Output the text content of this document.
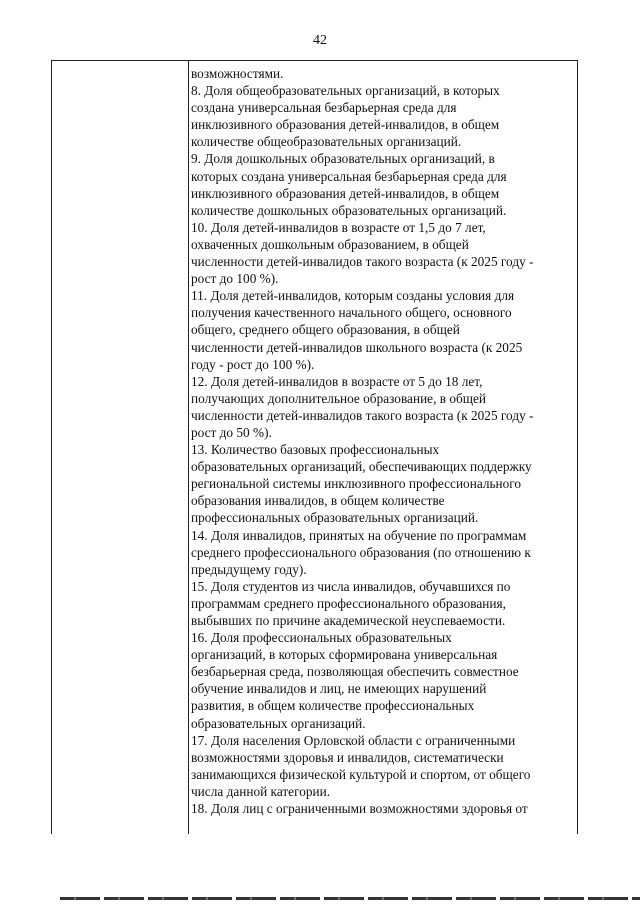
42
возможностями.
8. Доля общеобразовательных организаций, в которых
создана универсальная безбарьерная среда для
инклюзивного образования детей-инвалидов, в общем
количестве общеобразовательных организаций.
9. Доля дошкольных образовательных организаций, в
которых создана универсальная безбарьерная среда для
инклюзивного образования детей-инвалидов, в общем
количестве дошкольных образовательных организаций.
10. Доля детей-инвалидов в возрасте от 1,5 до 7 лет,
охваченных дошкольным образованием, в общей
численности детей-инвалидов такого возраста (к 2025 году -
рост до 100 %).
11. Доля детей-инвалидов, которым созданы условия для
получения качественного начального общего, основного
общего, среднего общего образования, в общей
численности детей-инвалидов школьного возраста (к 2025
году - рост до 100 %).
12. Доля детей-инвалидов в возрасте от 5 до 18 лет,
получающих дополнительное образование, в общей
численности детей-инвалидов такого возраста (к 2025 году -
рост до 50 %).
13. Количество базовых профессиональных
образовательных организаций, обеспечивающих поддержку
региональной системы инклюзивного профессионального
образования инвалидов, в общем количестве
профессиональных образовательных организаций.
14. Доля инвалидов, принятых на обучение по программам
среднего профессионального образования (по отношению к
предыдущему году).
15. Доля студентов из числа инвалидов, обучавшихся по
программам среднего профессионального образования,
выбывших по причине академической неуспеваемости.
16. Доля профессиональных образовательных
организаций, в которых сформирована универсальная
безбарьерная среда, позволяющая обеспечить совместное
обучение инвалидов и лиц, не имеющих нарушений
развития, в общем количестве профессиональных
образовательных организаций.
17. Доля населения Орловской области с ограниченными
возможностями здоровья и инвалидов, систематически
занимающихся физической культурой и спортом, от общего
числа данной категории.
18. Доля лиц с ограниченными возможностями здоровья от
